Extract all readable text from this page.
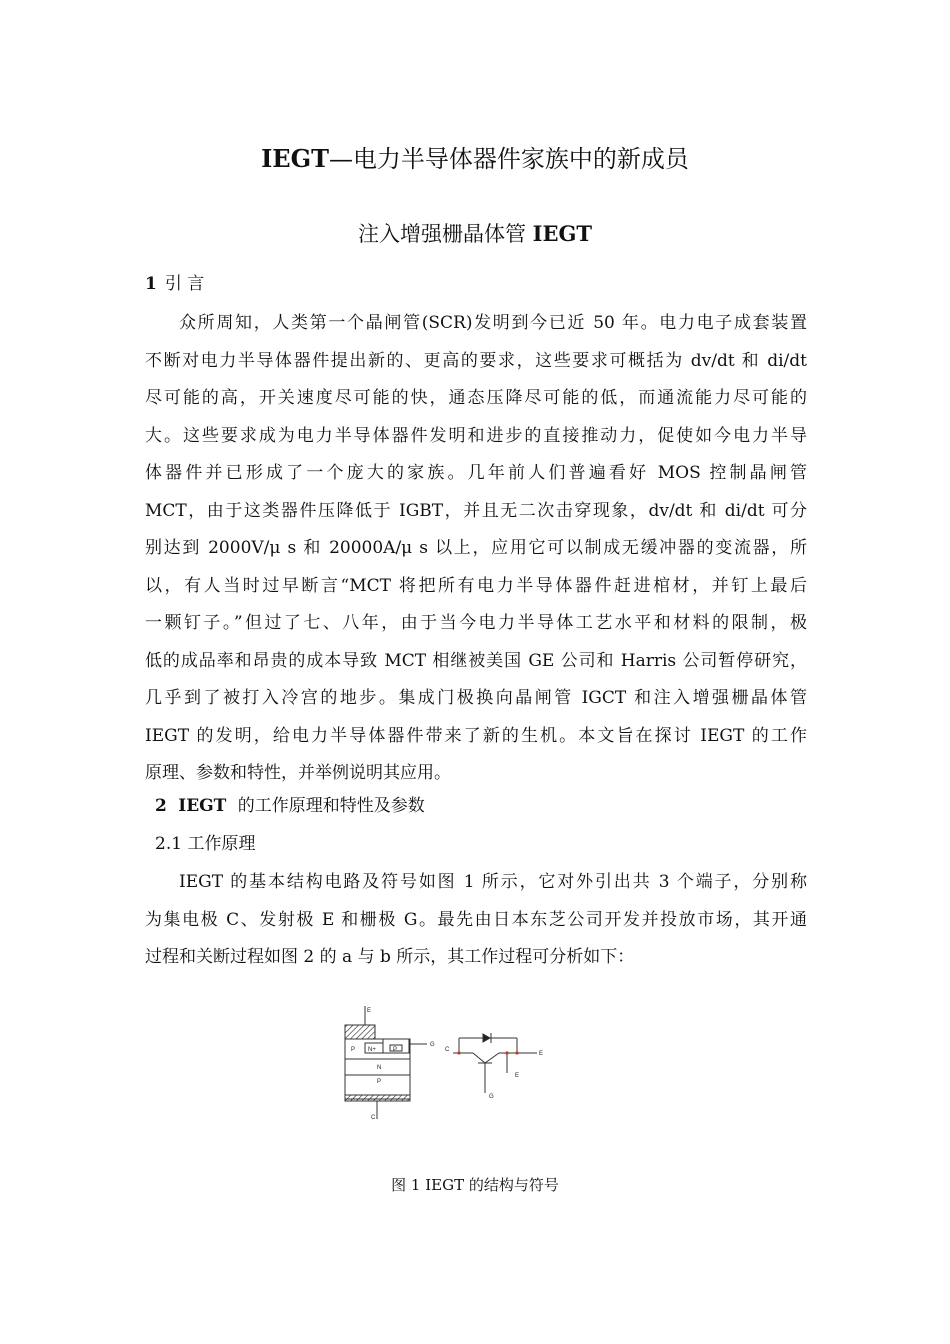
IEGT—电力半导体器件家族中的新成员
注入增强栅晶体管 IEGT
1 引 言
众所周知，人类第一个晶闸管(SCR)发明到今已近 50 年。电力电子成套装置
不断对电力半导体器件提出新的、更高的要求，这些要求可概括为 dv/dt 和 di/dt
尽可能的高，开关速度尽可能的快，通态压降尽可能的低，而通流能力尽可能的
大。这些要求成为电力半导体器件发明和进步的直接推动力，促使如今电力半导
体器件并已形成了一个庞大的家族。几年前人们普遍看好 MOS 控制晶闸管
MCT，由于这类器件压降低于 IGBT，并且无二次击穿现象，dv/dt 和 di/dt 可分
别达到 2000V/μ s 和 20000A/μ s 以上，应用它可以制成无缓冲器的变流器，所
以，有人当时过早断言“MCT 将把所有电力半导体器件赶进棺材，并钉上最后
一颗钉子。”但过了七、八年，由于当今电力半导体工艺水平和材料的限制，极
低的成品率和昂贵的成本导致 MCT 相继被美国 GE 公司和 Harris 公司暂停研究，
几乎到了被打入冷宫的地步。集成门极换向晶闸管 IGCT 和注入增强栅晶体管
IEGT 的发明，给电力半导体器件带来了新的生机。本文旨在探讨 IEGT 的工作
原理、参数和特性，并举例说明其应用。
2 IEGT 的工作原理和特性及参数
2.1 工作原理
IEGT 的基本结构电路及符号如图 1 所示，它对外引出共 3 个端子，分别称
为集电极 C、发射极 E 和栅极 G。最先由日本东芝公司开发并投放市场，其开通
过程和关断过程如图 2 的 a 与 b 所示，其工作过程可分析如下：
E
G
P N+	P
N
P
C
C
E
E
G
图 1 IEGT 的结构与符号
